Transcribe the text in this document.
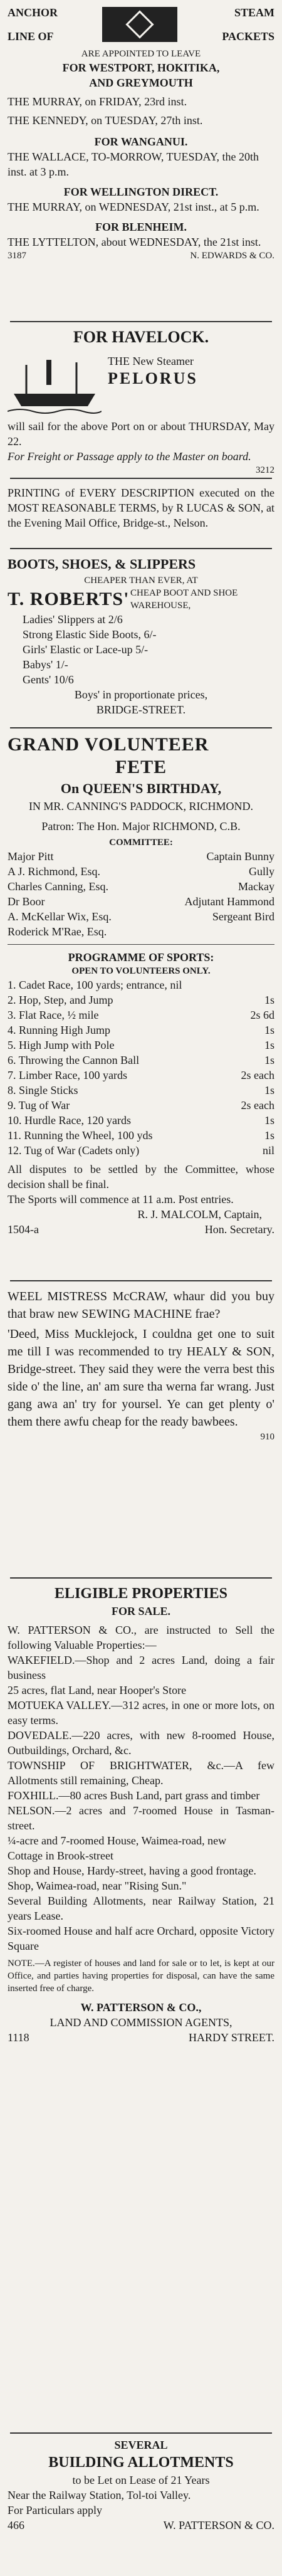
ANCHOR
LINE OF
STEAM
PACKETS
ARE APPOINTED TO LEAVE
FOR WESTPORT, HOKITIKA,
AND GREYMOUTH
THE MURRAY, on FRIDAY, 23rd inst.
THE KENNEDY, on TUESDAY, 27th inst.
FOR WANGANUI.
THE WALLACE, TO-MORROW, TUESDAY, the 20th inst. at 3 p.m.
FOR WELLINGTON DIRECT.
THE MURRAY, on WEDNESDAY, 21st inst., at 5 p.m.
FOR BLENHEIM.
THE LYTTELTON, about WEDNESDAY, the 21st inst.
3187	N. EDWARDS & CO.
FOR HAVELOCK.
THE New Steamer
PELORUS
will sail for the above Port on or about THURSDAY, May 22.
For Freight or Passage apply to the Master on board.
3212
PRINTING of EVERY DESCRIPTION executed on the MOST REASONABLE TERMS, by R LUCAS & SON, at the Evening Mail Office, Bridge-st., Nelson.
BOOTS, SHOES, & SLIPPERS
CHEAPER THAN EVER, AT
T. ROBERTS' CHEAP BOOT AND SHOE WAREHOUSE,
Ladies' Slippers at 2/6
Strong Elastic Side Boots, 6/-
Girls' Elastic or Lace-up 5/-
Babys' 1/-
Gents' 10/6
Boys' in proportionate prices,
BRIDGE-STREET.
GRAND VOLUNTEER
FETE
On QUEEN'S BIRTHDAY,
IN MR. CANNING'S PADDOCK, RICHMOND.
Patron: The Hon. Major RICHMOND, C.B.
COMMITTEE:
Major Pitt	Captain Bunny
A J. Richmond, Esq.	Gully
Charles Canning, Esq.	Mackay
Dr Boor	Adjutant Hammond
A. McKellar Wix, Esq.	Sergeant Bird
Roderick M'Rae, Esq.
PROGRAMME OF SPORTS:
OPEN TO VOLUNTEERS ONLY.
1. Cadet Race, 100 yards; entrance, nil
2. Hop, Step, and Jump	1s
3. Flat Race, ½ mile	2s 6d
4. Running High Jump	1s
5. High Jump with Pole	1s
6. Throwing the Cannon Ball	1s
7. Limber Race, 100 yards	2s each
8. Single Sticks	1s
9. Tug of War	2s each
10. Hurdle Race, 120 yards	1s
11. Running the Wheel, 100 yds	1s
12. Tug of War (Cadets only)	nil
All disputes to be settled by the Committee, whose decision shall be final.
The Sports will commence at 11 a.m. Post entries.
R. J. MALCOLM, Captain,
1504-a	Hon. Secretary.
WEEL MISTRESS McCRAW, whaur did you buy that braw new SEWING MACHINE frae?
'Deed, Miss Mucklejock, I couldna get one to suit me till I was recommended to try HEALY & SON, Bridge-street. They said they were the verra best this side o' the line, an' am sure tha werna far wrang. Just gang awa an' try for yoursel. Ye can get plenty o' them there awfu cheap for the ready bawbees.
910
ELIGIBLE PROPERTIES
FOR SALE.
W. PATTERSON & CO., are instructed to Sell the following Valuable Properties:—
WAKEFIELD.—Shop and 2 acres Land, doing a fair business
25 acres, flat Land, near Hooper's Store
MOTUEKA VALLEY.—312 acres, in one or more lots, on easy terms.
DOVEDALE.—220 acres, with new 8-roomed House, Outbuildings, Orchard, &c.
TOWNSHIP OF BRIGHTWATER, &c.—A few Allotments still remaining, Cheap.
FOXHILL.—80 acres Bush Land, part grass and timber
NELSON.—2 acres and 7-roomed House in Tasman-street.
¼-acre and 7-roomed House, Waimea-road, new
Cottage in Brook-street
Shop and House, Hardy-street, having a good frontage.
Shop, Waimea-road, near "Rising Sun."
Several Building Allotments, near Railway Station, 21 years Lease.
Six-roomed House and half acre Orchard, opposite Victory Square
NOTE.—A register of houses and land for sale or to let, is kept at our Office, and parties having properties for disposal, can have the same inserted free of charge.
W. PATTERSON & CO.,
LAND AND COMMISSION AGENTS,
1118	HARDY STREET.
SEVERAL
BUILDING ALLOTMENTS
to be Let on Lease of 21 Years
Near the Railway Station, Tol-toi Valley.
For Particulars apply
466	W. PATTERSON & CO.
